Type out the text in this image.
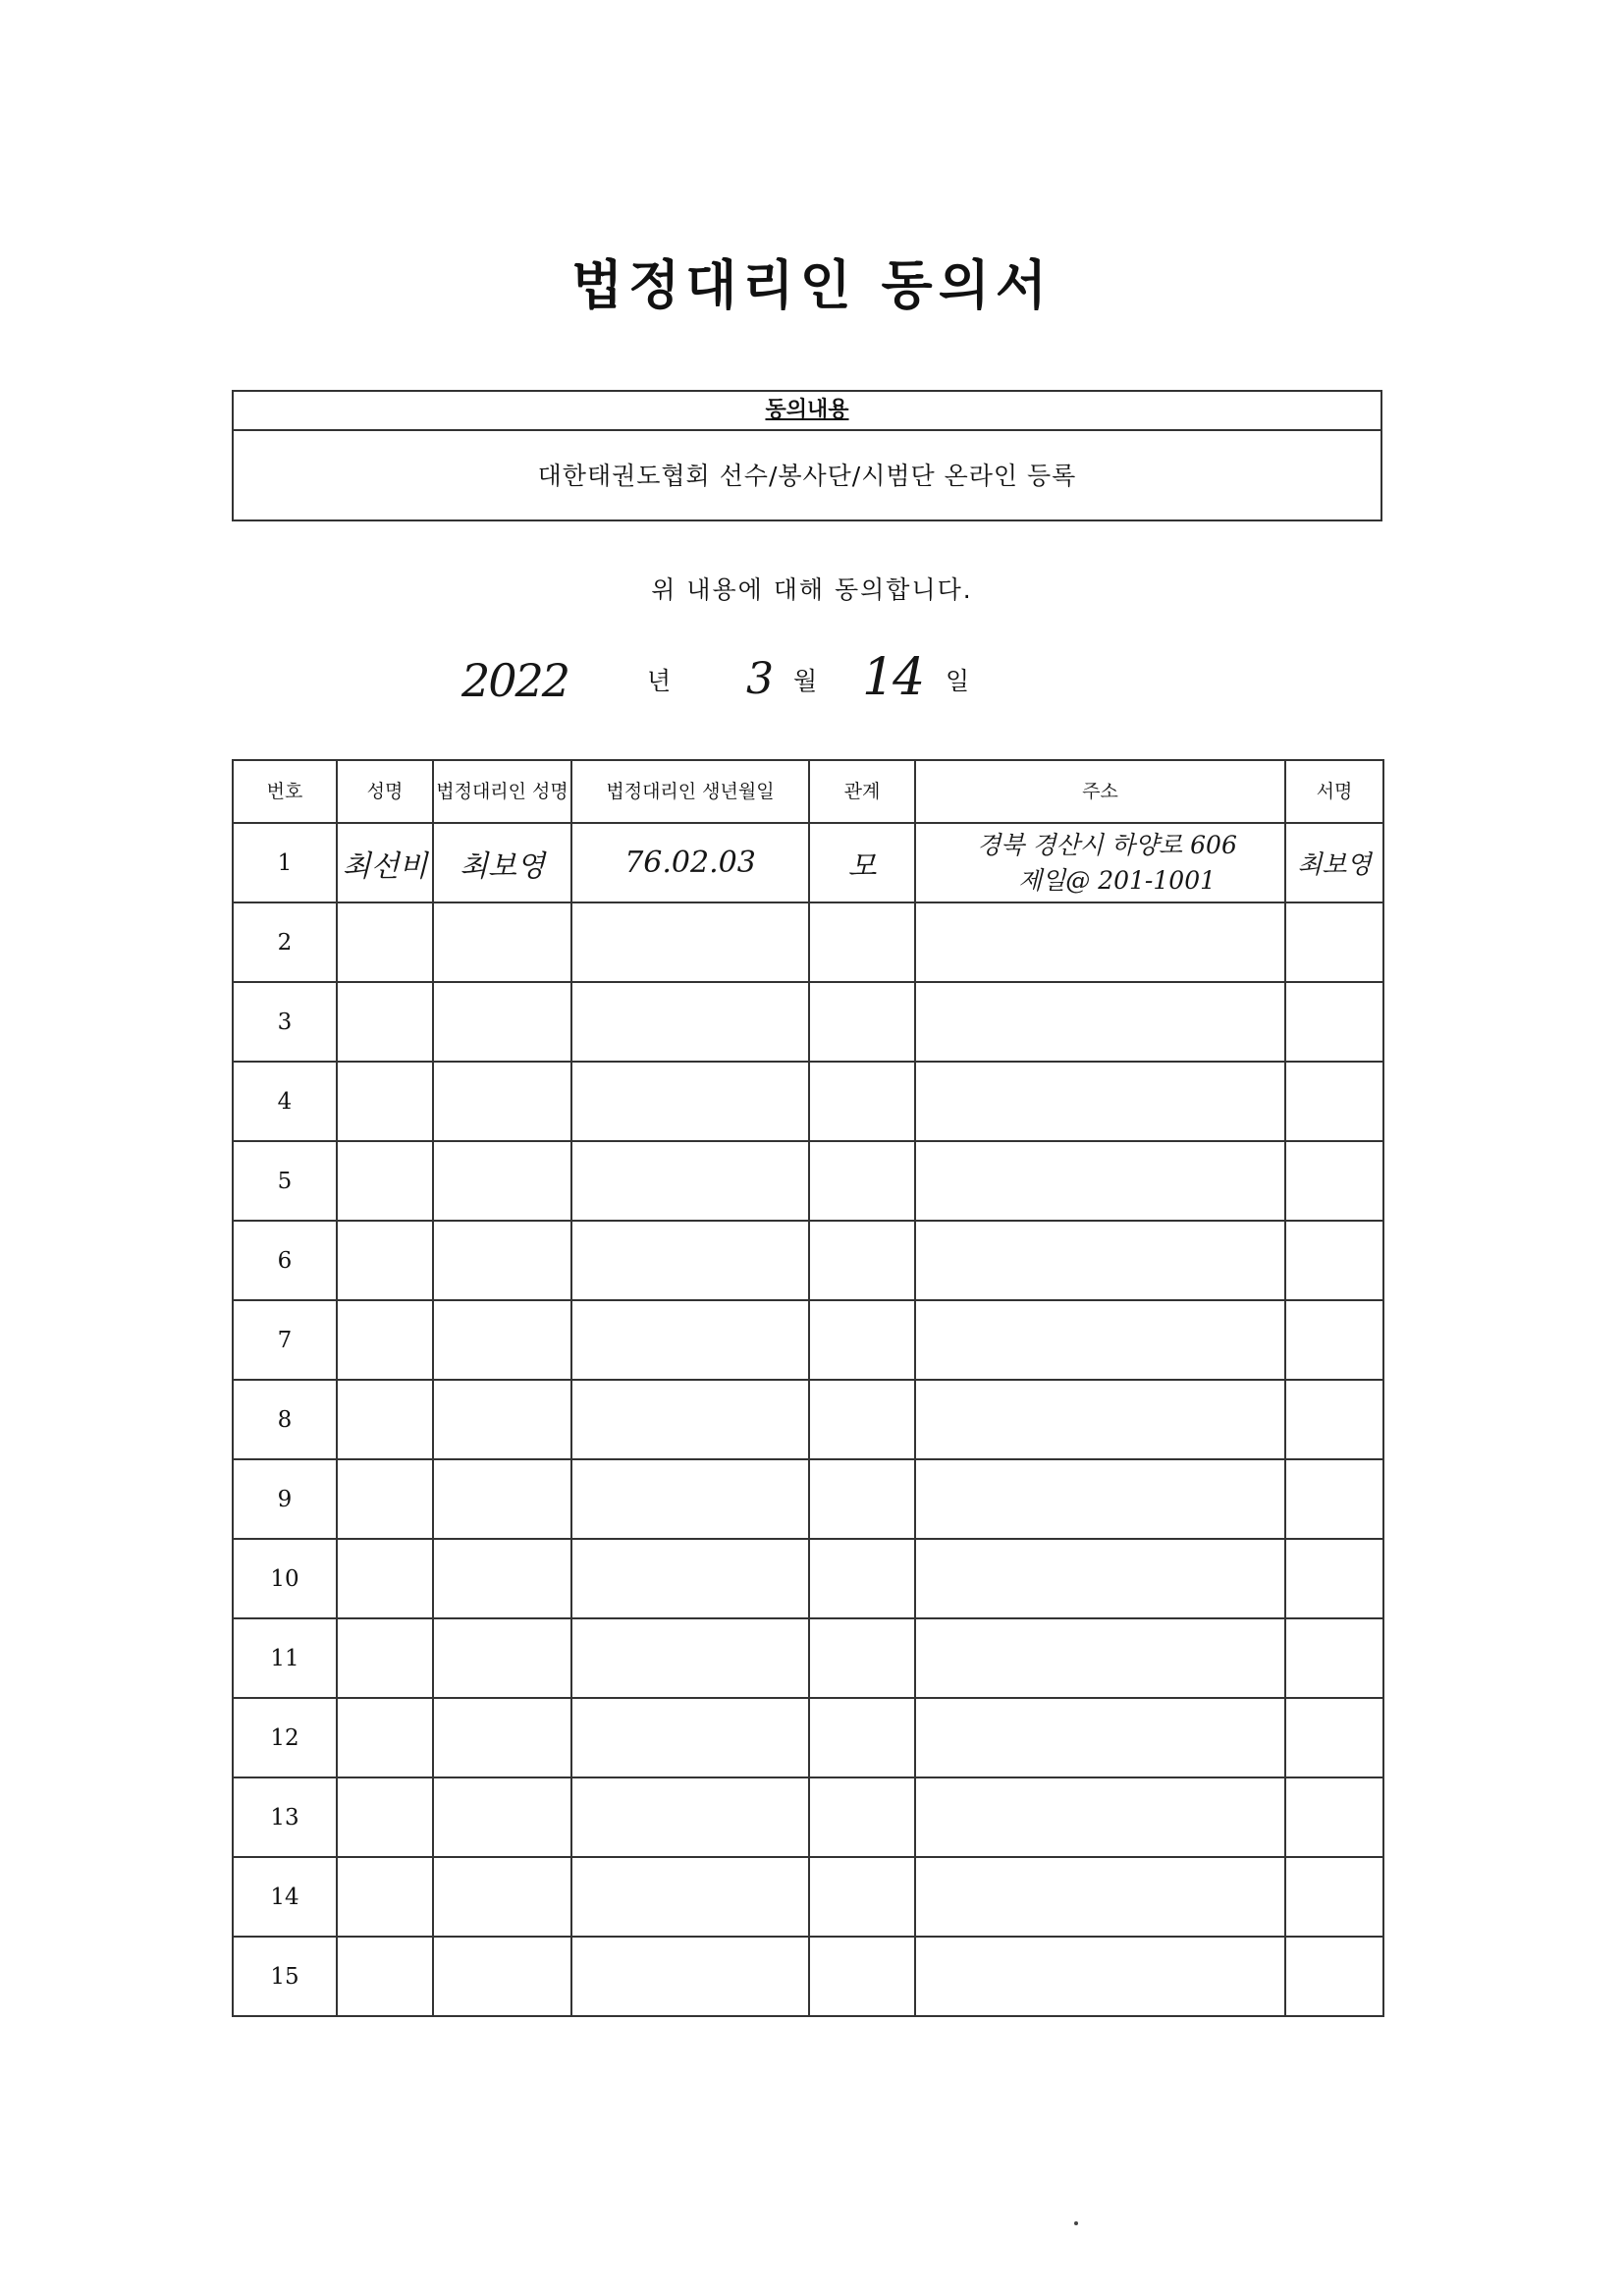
법정대리인 동의서
동의내용
대한태권도협회 선수/봉사단/시범단 온라인 등록
위 내용에 대해 동의합니다.
2022	년 3 월 14 일
번호	성명	법정대리인 성명	법정대리인 생년월일	관계	주소	서명
1	최선비	최보영	76.02.03	모	경북 경산시 하양로 606
제일@ 201-1001	최보영
2					

3					

4					

5					

6					

7					

8					

9					

10					

11					

12					

13					

14					

15					
